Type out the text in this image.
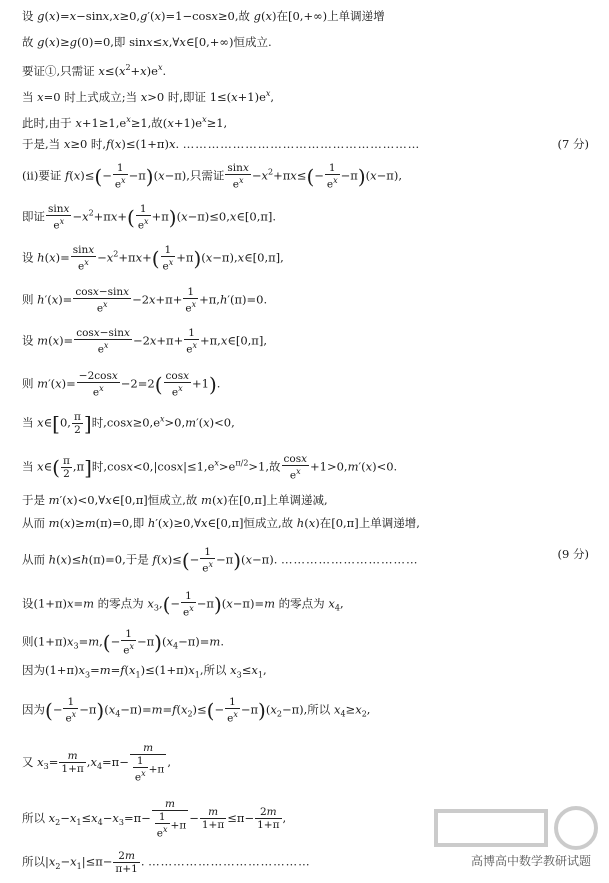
设 g(x)=x−sinx,x≥0,g′(x)=1−cosx≥0,故 g(x)在[0,+∞)上单调递增
故 g(x)≥g(0)=0,即 sinx≤x,∀x∈[0,+∞)恒成立.
要证①,只需证 $x\le(x^2+x)e^x$.
当 x=0 时上式成立;当 x>0 时,即证 $1\le(x+1)e^x$,
此时,由于 $x+1\ge 1,e^x\ge 1$,故$(x+1)e^x\ge 1$,
于是,当 x≥0 时,f(x)≤(1+π)x. …………………………………………………	(7 分)
(ii)要证 $f(x)\le(- \frac{1}{e^x} -\pi)(x-\pi)$,只需证 $\frac{\sin x}{e^x} -x^2+\pi x\le(- \frac{1}{e^x} -\pi)(x-\pi)$,
即证 $\frac{\sin x}{e^x} -x^2+\pi x+( \frac{1}{e^x}$ +π)(x−π)≤0,x∈[0,π].
设 $h(x)= \frac{\sin x}{e^x} -x^2+\pi x+( \frac{1}{e^x}$ +π)(x−π),x∈[0,π],
则 $h'(x)= \frac{\cos x-\sin x}{e^x} -2x+\pi+ \frac{1}{e^x} +\pi,h'(\pi)=0$.
设 $m(x)= \frac{\cos x-\sin x}{e^x} -2x+\pi+ \frac{1}{e^x}$ +π,x∈[0,π],
则 $m'(x)= \frac{-2\cos x}{e^x} -2=2( \frac{\cos x}{e^x} +1)$.
当 x∈[0, $\frac{\pi}{2}$ ]时$,\cos x\ge 0,e^x>0,m'(x)<0$,
当 x∈( $\frac{\pi}{2} ,\pi$]时$,\cos x<0,|\cos x|\le 1,e^x>e^{\pi/2}>1$,故 $\frac{\cos x}{e^x} +1>0,m'(x)<0$.
于是 m′(x)<0,∀x∈[0,π]恒成立,故 m(x)在[0,π]上单调递减,
从而 m(x)≥m(π)=0,即 h′(x)≥0,∀x∈[0,π]恒成立,故 h(x)在[0,π]上单调递增,
从而 h(x)≤h(π)=0,于是 $f(x)\le(- \frac{1}{e^x} -\pi)(x-\pi)$. ……………………………	(9 分)
设(1+π)x=m 的零点为 $x_3,(- \frac{1}{e^x} -\pi)(x-\pi)=m$ 的零点为 $x_4$,
则$(1+\pi)x_3=m,(- \frac{1}{e^x} -\pi)(x_4-\pi)=m$.
因为$(1+\pi)x_3=m=f(x_1)\le(1+\pi)x_1$,所以 $x_3\le x_1$,
因为(− $\frac{1}{e^x} -\pi)(x_4-\pi)=m=f(x_2)\le(- \frac{1}{e^x} -\pi)(x_2-\pi)$,所以 $x_4\ge x_2$,
又 $x_3= \frac{m}{1+\pi} ,x_4=\pi- \frac{m}{\frac{1}{e^x} +\pi}$ ,
所以 $x_2-x_1\le x_4-x_3=\pi- \frac{m}{\frac{1}{e^x} +\pi} - \frac{m}{1+\pi} \le\pi- \frac{2m}{1+\pi}$ ,
所以$|x_2-x_1|\le\pi- \frac{2m}{\pi+1}$ . …………………………………	高博高中数学教研试题
